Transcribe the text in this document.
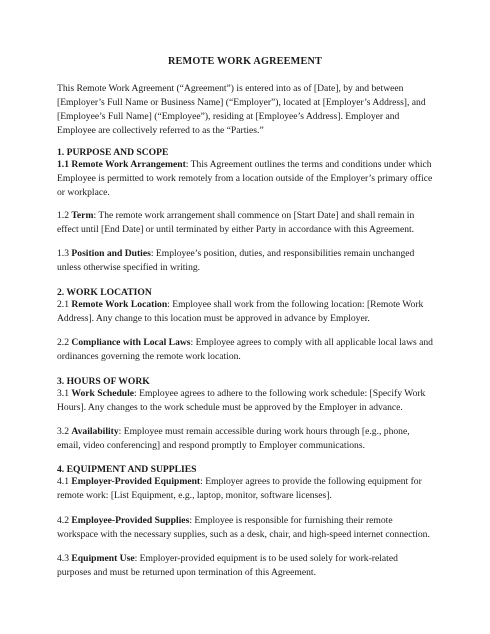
REMOTE WORK AGREEMENT

This Remote Work Agreement (“Agreement”) is entered into as of [Date], by and between [Employer’s Full Name or Business Name] (“Employer”), located at [Employer’s Address], and [Employee’s Full Name] (“Employee”), residing at [Employee’s Address]. Employer and Employee are collectively referred to as the “Parties.”

1. PURPOSE AND SCOPE

1.1 Remote Work Arrangement: This Agreement outlines the terms and conditions under which Employee is permitted to work remotely from a location outside of the Employer’s primary office or workplace.

1.2 Term: The remote work arrangement shall commence on [Start Date] and shall remain in effect until [End Date] or until terminated by either Party in accordance with this Agreement.

1.3 Position and Duties: Employee’s position, duties, and responsibilities remain unchanged unless otherwise specified in writing.

2. WORK LOCATION

2.1 Remote Work Location: Employee shall work from the following location: [Remote Work Address]. Any change to this location must be approved in advance by Employer.

2.2 Compliance with Local Laws: Employee agrees to comply with all applicable local laws and ordinances governing the remote work location.

3. HOURS OF WORK

3.1 Work Schedule: Employee agrees to adhere to the following work schedule: [Specify Work Hours]. Any changes to the work schedule must be approved by the Employer in advance.

3.2 Availability: Employee must remain accessible during work hours through [e.g., phone, email, video conferencing] and respond promptly to Employer communications.

4. EQUIPMENT AND SUPPLIES

4.1 Employer-Provided Equipment: Employer agrees to provide the following equipment for remote work: [List Equipment, e.g., laptop, monitor, software licenses].

4.2 Employee-Provided Supplies: Employee is responsible for furnishing their remote workspace with the necessary supplies, such as a desk, chair, and high-speed internet connection.

4.3 Equipment Use: Employer-provided equipment is to be used solely for work-related purposes and must be returned upon termination of this Agreement.
